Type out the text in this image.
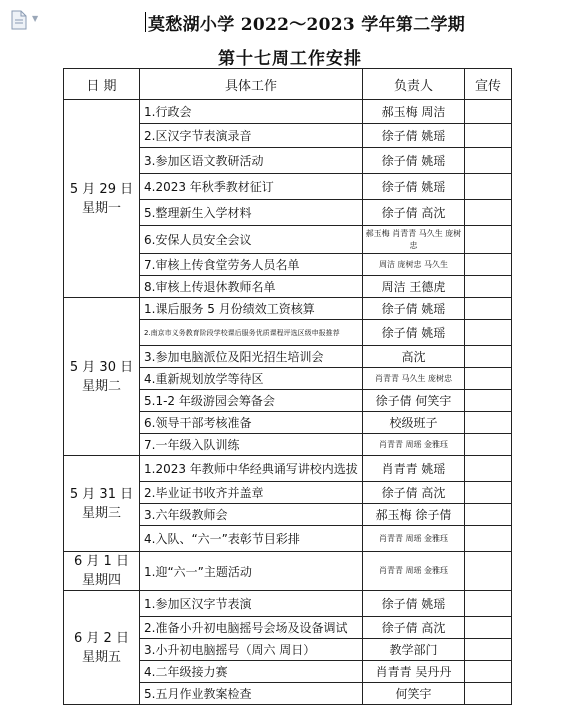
▼	莫愁湖小学 2022～2023 学年第二学期
第十七周工作安排
日 期	具体工作	负责人	宣传

5 月 29 日
星期一	1.行政会	郝玉梅 周洁	
	2.区汉字节表演录音	徐子倩 姚瑶	
	3.参加区语文教研活动	徐子倩 姚瑶	
	4.2023 年秋季教材征订	徐子倩 姚瑶	
	5.整理新生入学材料	徐子倩 高沈	
	6.安保人员安全会议	郝玉梅 肖青青 马久生 庞树忠	
	7.审核上传食堂劳务人员名单	周洁 庞树忠 马久生	
	8.审核上传退休教师名单	周洁 王德虎	

5 月 30 日
星期二	1.课后服务 5 月份绩效工资核算	徐子倩 姚瑶	
	2.南京市义务教育阶段学校课后服务优质课程评选区级申报推荐	徐子倩 姚瑶	
	3.参加电脑派位及阳光招生培训会	高沈	
	4.重新规划放学等待区	肖青青 马久生 庞树忠	
	5.1-2 年级游园会筹备会	徐子倩 何笑宇	
	6.领导干部考核准备	校级班子	
	7.一年级入队训练	肖青青 周瑶 金雅珏	

5 月 31 日
星期三	1.2023 年教师中华经典诵写讲校内选拔	肖青青 姚瑶	
	2.毕业证书收齐并盖章	徐子倩 高沈	
	3.六年级教师会	郝玉梅 徐子倩	
	4.入队、“六一”表彰节目彩排	肖青青 周瑶 金雅珏	

6 月 1 日
星期四	1.迎“六一”主题活动	肖青青 周瑶 金雅珏	

6 月 2 日
星期五	1.参加区汉字节表演	徐子倩 姚瑶	
	2.准备小升初电脑摇号会场及设备调试	徐子倩 高沈	
	3.小升初电脑摇号（周六 周日）	教学部门	
	4.二年级接力赛	肖青青 吴丹丹	
	5.五月作业教案检查	何笑宇	
